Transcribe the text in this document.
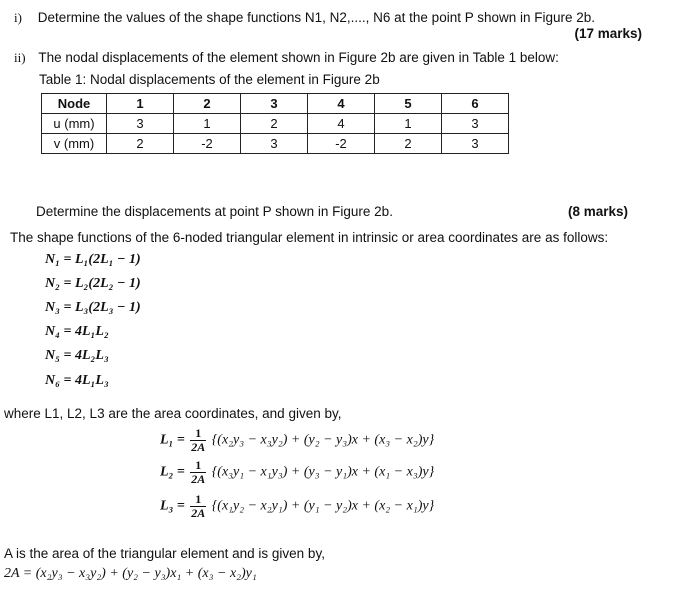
i) Determine the values of the shape functions N1, N2,...., N6 at the point P shown in Figure 2b.
(17 marks)
ii) The nodal displacements of the element shown in Figure 2b are given in Table 1 below:
Table 1: Nodal displacements of the element in Figure 2b
Node	1	2	3	4	5	6
u (mm)	3	1	2	4	1	3
v (mm)	2	-2	3	-2	2	3
Determine the displacements at point P shown in Figure 2b.	(8 marks)
The shape functions of the 6-noded triangular element in intrinsic or area coordinates are as follows:
N₁ = L₁(2L₁ − 1)
N₂ = L₂(2L₂ − 1)
N₃ = L₃(2L₃ − 1)
N₄ = 4L₁L₂
N₅ = 4L₂L₃
N₆ = 4L₁L₃
where L1, L2, L3 are the area coordinates, and given by,
$L_1 = \frac{1}{2A} \{(x_2y_3 - x_3y_2) + (y_2 - y_3)x + (x_3 - x_2)y\}$
$L_2 = \frac{1}{2A} \{(x_3y_1 - x_1y_3) + (y_3 - y_1)x + (x_1 - x_3)y\}$
$L_3 = \frac{1}{2A} \{(x_1y_2 - x_2y_1) + (y_1 - y_2)x + (x_2 - x_1)y\}$
A is the area of the triangular element and is given by,
2A = (x₂y₃ − x₃y₂) + (y₂ − y₃)x₁ + (x₃ − x₂)y₁
